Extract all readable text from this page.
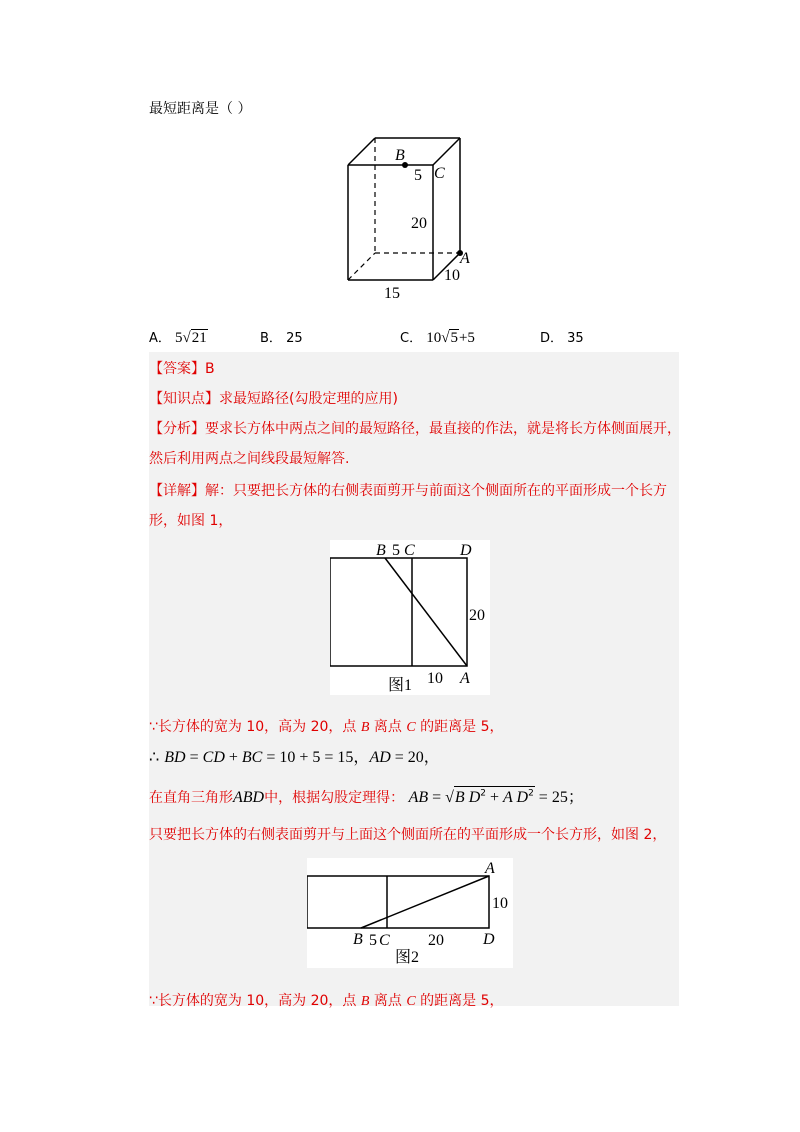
最短距离是（ ）
B
C
A
5
20
10
15
A． 5√21	B． 25	C． 10√5+5	D． 35
【答案】B
【知识点】求最短路径(勾股定理的应用)
【分析】要求长方体中两点之间的最短路径，最直接的作法，就是将长方体侧面展开，
然后利用两点之间线段最短解答.
【详解】解：只要把长方体的右侧表面剪开与前面这个侧面所在的平面形成一个长方
形，如图 1，
B 5 C	D
20
图1 10 A
∵长方体的宽为 10，高为 20，点 B 离点 C 的距离是 5，
∴ BD = CD + BC = 10 + 5 = 15，AD = 20，
在直角三角形ABD中，根据勾股定理得： AB = √B $D^2 + A$ $D^2 = 25$；
只要把长方体的右侧表面剪开与上面这个侧面所在的平面形成一个长方形，如图 2，
A
10
B 5 C 20 D
图2
∵长方体的宽为 10，高为 20，点 B 离点 C 的距离是 5，
